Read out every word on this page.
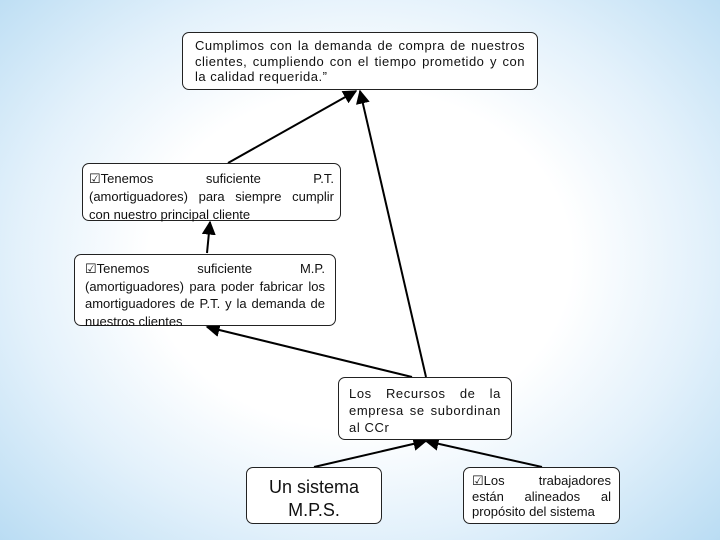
Cumplimos con la demanda de compra de nuestros clientes, cumpliendo con el tiempo prometido y con la calidad requerida.”
☑Tenemos suficiente P.T. (amortiguadores) para siempre cumplir con nuestro principal cliente
☑Tenemos suficiente M.P. (amortiguadores) para poder fabricar los amortiguadores de P.T. y la demanda de nuestros clientes
Los Recursos de la empresa se subordinan al CCr
Un sistema M.P.S.
☑Los trabajadores están alineados al propósito del sistema
